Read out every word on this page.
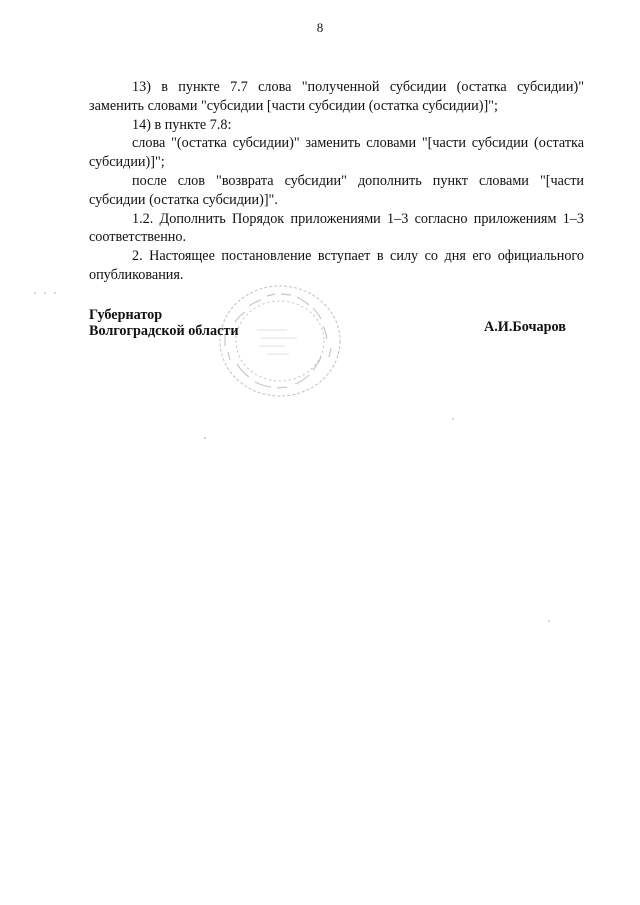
8

13) в пункте 7.7 слова "полученной субсидии (остатка субсидии)" заменить словами "субсидии [части субсидии (остатка субсидии)]";

14) в пункте 7.8:

слова "(остатка субсидии)" заменить словами "[части субсидии (остатка субсидии)]";

после слов "возврата субсидии" дополнить пункт словами "[части субсидии (остатка субсидии)]".

1.2. Дополнить Порядок приложениями 1–3 согласно приложениям 1–3 соответственно.

2. Настоящее постановление вступает в силу со дня его официального опубликования.

Губернатор
Волгоградской области	А.И.Бочаров
